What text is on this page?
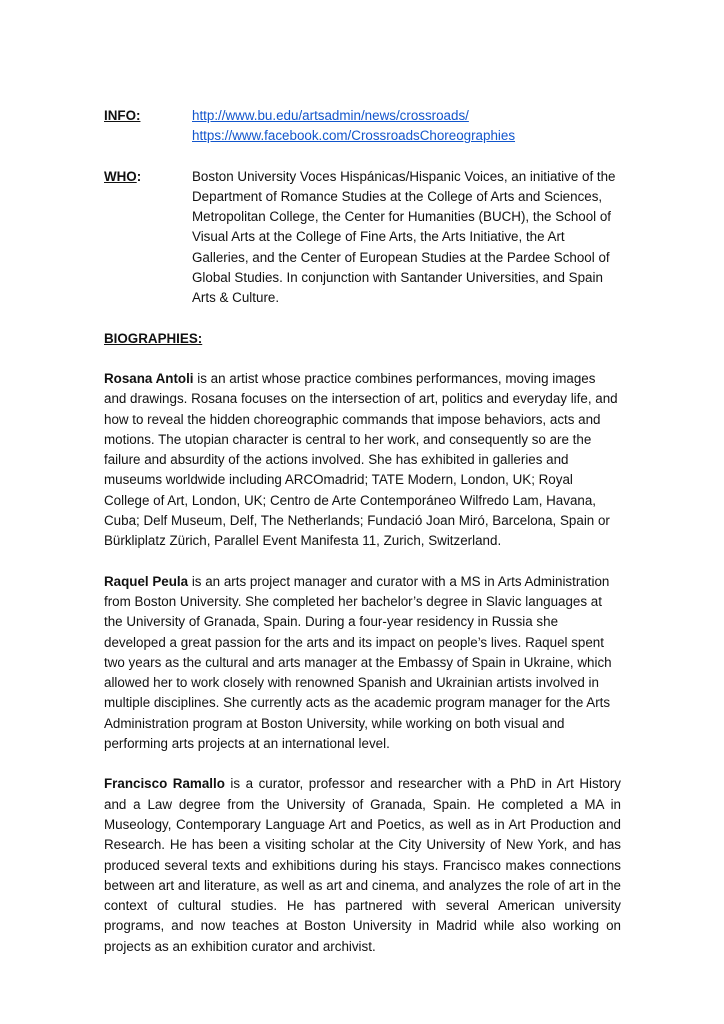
INFO:	http://www.bu.edu/artsadmin/news/crossroads/
https://www.facebook.com/CrossroadsChoreographies
WHO:	Boston University Voces Hispánicas/Hispanic Voices, an initiative of the Department of Romance Studies at the College of Arts and Sciences, Metropolitan College, the Center for Humanities (BUCH), the School of Visual Arts at the College of Fine Arts, the Arts Initiative, the Art Galleries, and the Center of European Studies at the Pardee School of Global Studies. In conjunction with Santander Universities, and Spain Arts & Culture.
BIOGRAPHIES:

Rosana Antoli is an artist whose practice combines performances, moving images and drawings. Rosana focuses on the intersection of art, politics and everyday life, and how to reveal the hidden choreographic commands that impose behaviors, acts and motions. The utopian character is central to her work, and consequently so are the failure and absurdity of the actions involved. She has exhibited in galleries and museums worldwide including ARCOmadrid; TATE Modern, London, UK; Royal College of Art, London, UK; Centro de Arte Contemporáneo Wilfredo Lam, Havana, Cuba; Delf Museum, Delf, The Netherlands; Fundació Joan Miró, Barcelona, Spain or Bürkliplatz Zürich, Parallel Event Manifesta 11, Zurich, Switzerland.

Raquel Peula is an arts project manager and curator with a MS in Arts Administration from Boston University. She completed her bachelor’s degree in Slavic languages at the University of Granada, Spain. During a four-year residency in Russia she developed a great passion for the arts and its impact on people’s lives. Raquel spent two years as the cultural and arts manager at the Embassy of Spain in Ukraine, which allowed her to work closely with renowned Spanish and Ukrainian artists involved in multiple disciplines. She currently acts as the academic program manager for the Arts Administration program at Boston University, while working on both visual and performing arts projects at an international level.

Francisco Ramallo is a curator, professor and researcher with a PhD in Art History and a Law degree from the University of Granada, Spain. He completed a MA in Museology, Contemporary Language Art and Poetics, as well as in Art Production and Research. He has been a visiting scholar at the City University of New York, and has produced several texts and exhibitions during his stays. Francisco makes connections between art and literature, as well as art and cinema, and analyzes the role of art in the context of cultural studies. He has partnered with several American university programs, and now teaches at Boston University in Madrid while also working on projects as an exhibition curator and archivist.
